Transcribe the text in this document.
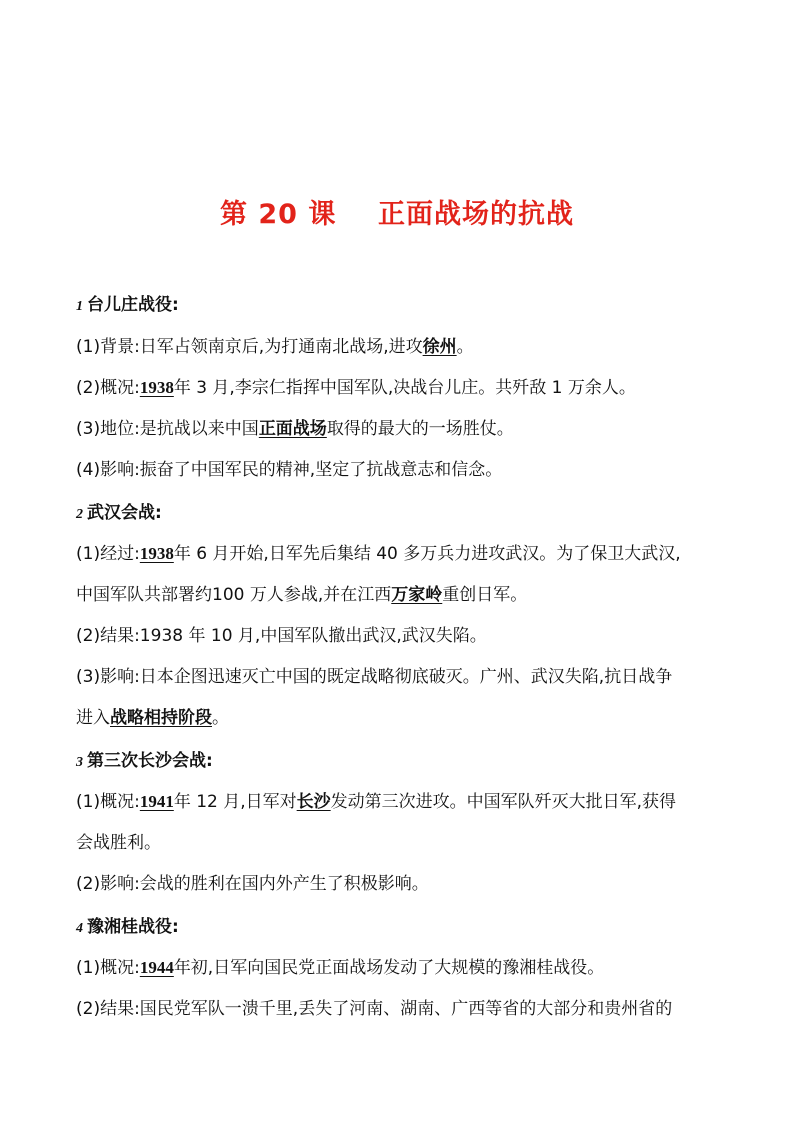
第 20 课    正面战场的抗战
1 台儿庄战役:
(1)背景:日军占领南京后,为打通南北战场,进攻徐州。
(2)概况:1938年 3 月,李宗仁指挥中国军队,决战台儿庄。共歼敌 1 万余人。
(3)地位:是抗战以来中国正面战场取得的最大的一场胜仗。
(4)影响:振奋了中国军民的精神,坚定了抗战意志和信念。
2 武汉会战:
(1)经过:1938年 6 月开始,日军先后集结 40 多万兵力进攻武汉。为了保卫大武汉,
中国军队共部署约100 万人参战,并在江西万家岭重创日军。
(2)结果:1938 年 10 月,中国军队撤出武汉,武汉失陷。
(3)影响:日本企图迅速灭亡中国的既定战略彻底破灭。广州、武汉失陷,抗日战争
进入战略相持阶段。
3 第三次长沙会战:
(1)概况:1941年 12 月,日军对长沙发动第三次进攻。中国军队歼灭大批日军,获得
会战胜利。
(2)影响:会战的胜利在国内外产生了积极影响。
4 豫湘桂战役:
(1)概况:1944年初,日军向国民党正面战场发动了大规模的豫湘桂战役。
(2)结果:国民党军队一溃千里,丢失了河南、湖南、广西等省的大部分和贵州省的
